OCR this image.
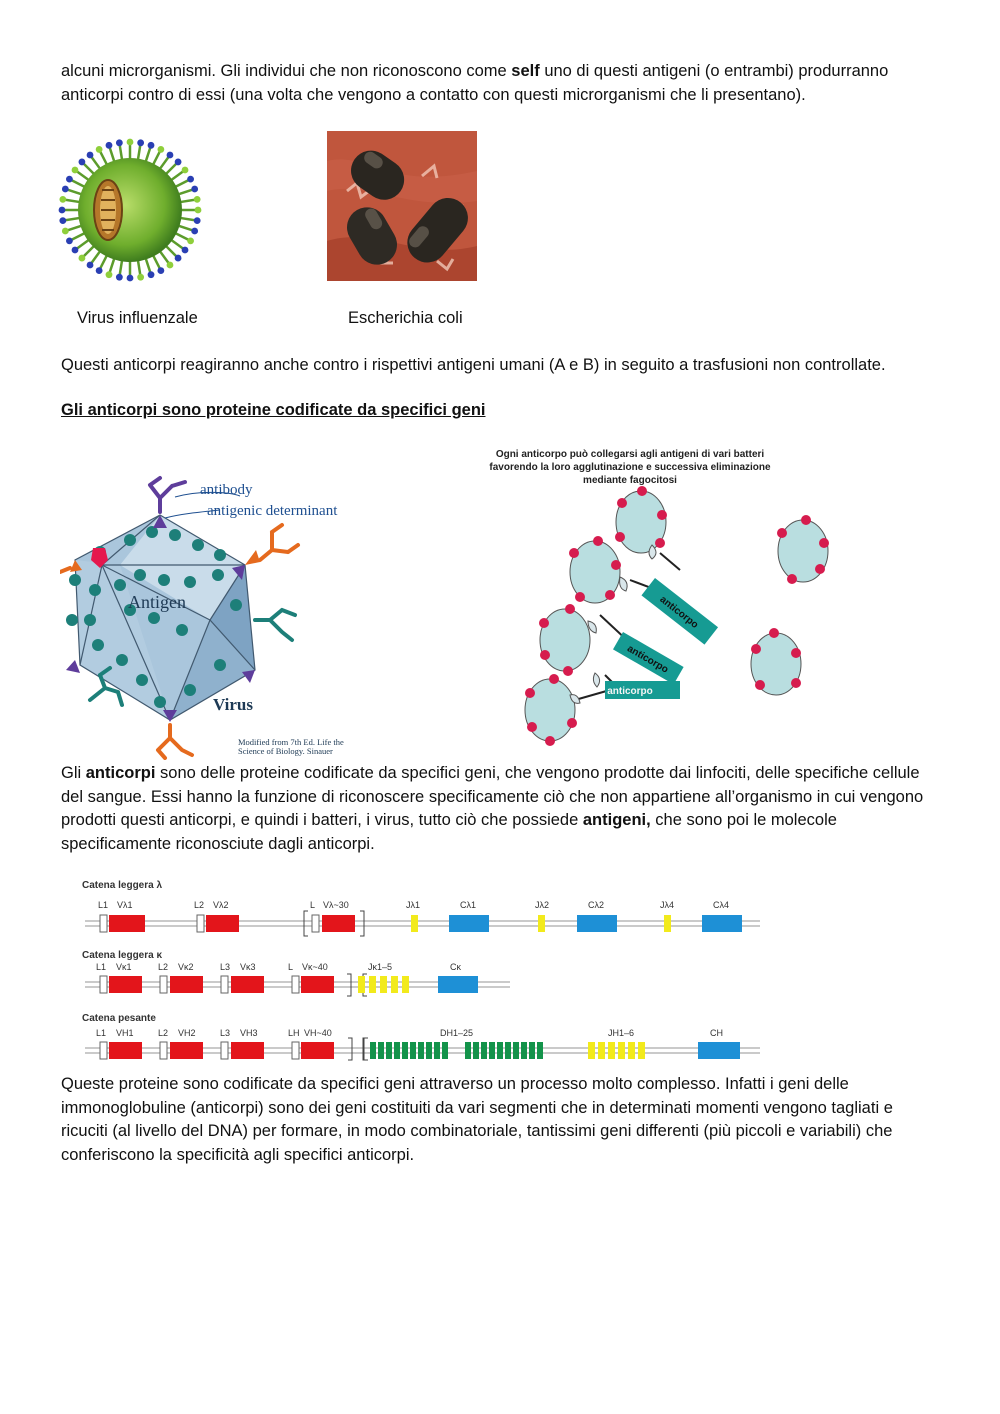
alcuni microrganismi. Gli individui che non riconoscono come self uno di questi antigeni (o entrambi) produrranno anticorpi contro di essi (una volta che vengono a contatto con questi microrganismi che li presentano).
Virus influenzale	Escherichia coli
Questi anticorpi reagiranno anche contro i rispettivi antigeni umani (A e B) in seguito a trasfusioni non controllate.
Gli anticorpi sono proteine codificate da specifici geni
antibody
antigenic determinant
Antigen
Virus
Modified from 7th Ed. Life the
Science of Biology. Sinauer
Ogni anticorpo può collegarsi agli antigeni di vari batteri
favorendo la loro agglutinazione e successiva eliminazione
mediante fagocitosi
anticorpo
anticorpo
anticorpo
Gli anticorpi sono delle proteine codificate da specifici geni, che vengono prodotte dai linfociti, delle specifiche cellule del sangue. Essi hanno la funzione di riconoscere specificamente ciò che non appartiene all’organismo in cui vengono prodotti questi anticorpi, e quindi i batteri, i virus, tutto ciò che possiede antigeni, che sono poi le molecole specificamente riconosciute dagli anticorpi.
Catena leggera λ
Catena leggera κ
Catena pesante
L1 Vλ1	L2 Vλ2	L Vλ~30	Jλ1	Cλ1	Jλ2	Cλ2	Jλ4	Cλ4
L1 Vκ1	L2 Vκ2	L3 Vκ3	L Vκ~40	Jκ1–5	Cκ
L1 VH1	L2 VH2	L3 VH3	LH VH~40	DH1–25	JH1–6	CH
Queste proteine sono codificate da specifici geni attraverso un processo molto complesso. Infatti i geni delle immonoglobuline (anticorpi) sono dei geni costituiti da vari segmenti che in determinati momenti vengono tagliati e ricuciti (al livello del DNA) per formare, in modo combinatoriale, tantissimi geni differenti (più piccoli e variabili) che conferiscono la specificità agli specifici anticorpi.
